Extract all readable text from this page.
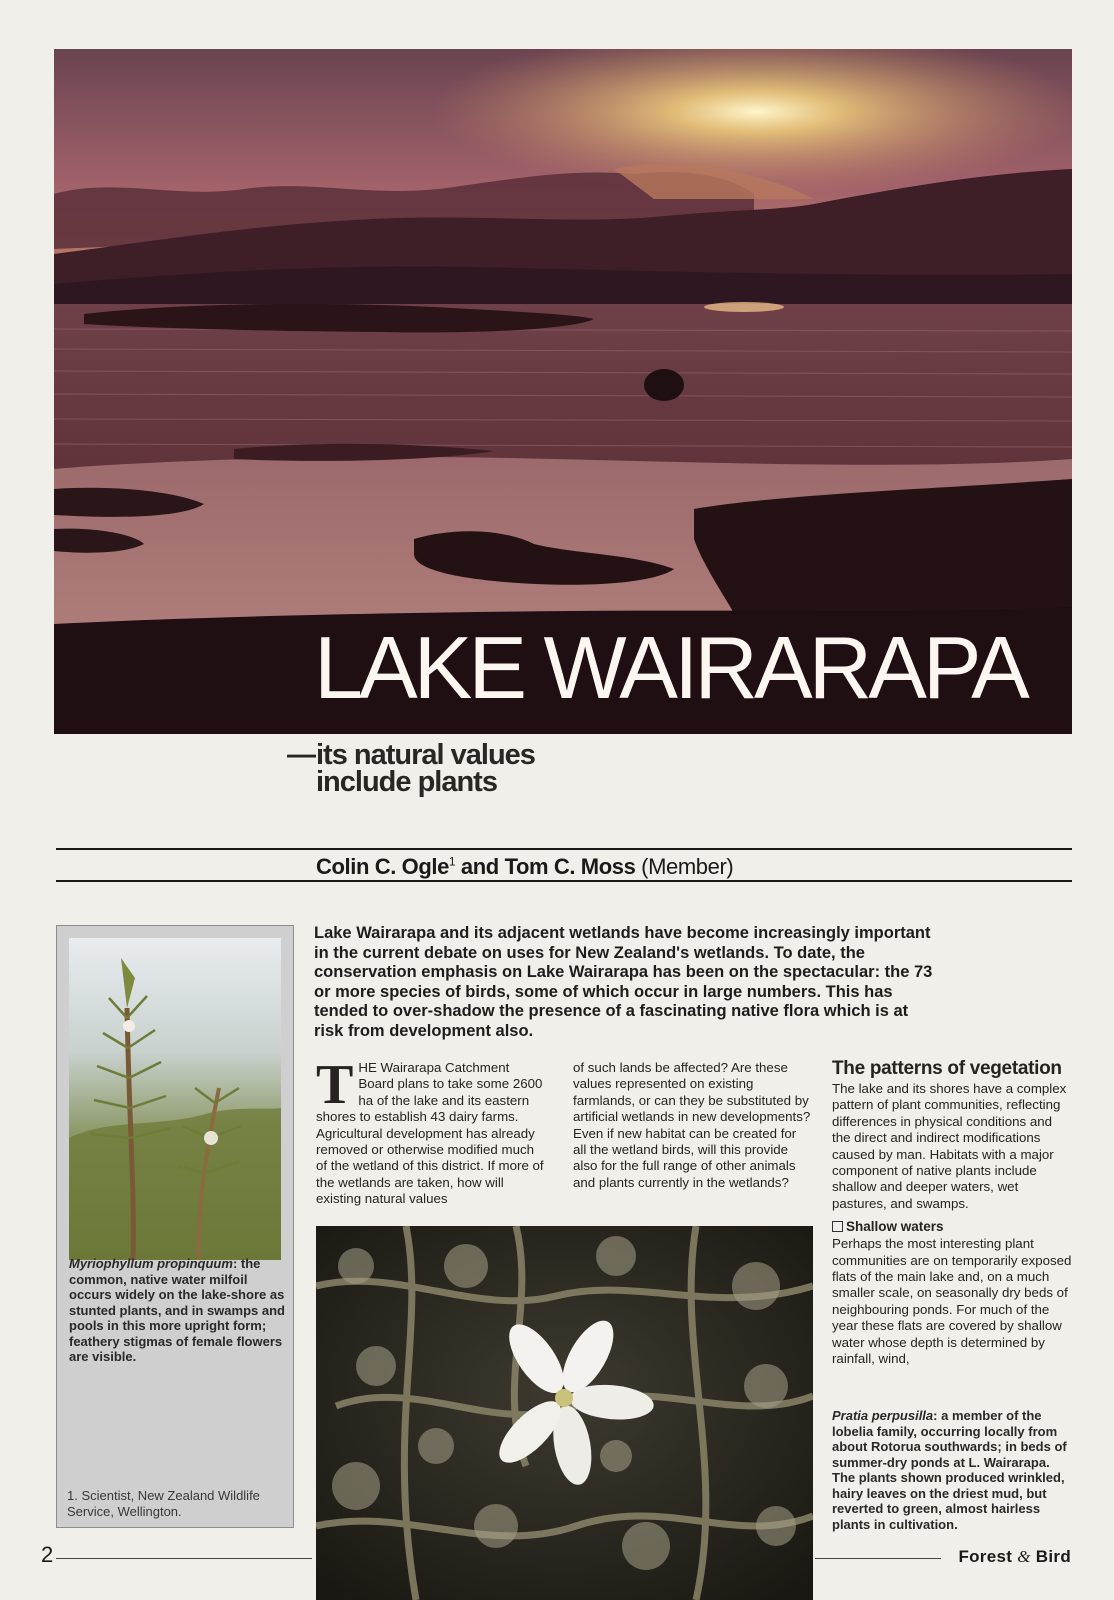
LAKE WAIRARAPA
— its natural values include plants
Colin C. Ogle$^1$ and Tom C. Moss (Member)
Myriophyllum propinquum: the common, native water milfoil occurs widely on the lake-shore as stunted plants, and in swamps and pools in this more upright form; feathery stigmas of female flowers are visible.
1. Scientist, New Zealand Wildlife Service, Wellington.
Lake Wairarapa and its adjacent wetlands have become increasingly important in the current debate on uses for New Zealand's wetlands. To date, the conservation emphasis on Lake Wairarapa has been on the spectacular: the 73 or more species of birds, some of which occur in large numbers. This has tended to over-shadow the presence of a fascinating native flora which is at risk from development also.
THE Wairarapa Catchment Board plans to take some 2600 ha of the lake and its eastern shores to establish 43 dairy farms. Agricultural development has already removed or otherwise modified much of the wetland of this district. If more of the wetlands are taken, how will existing natural values
of such lands be affected? Are these values represented on existing farmlands, or can they be substituted by artificial wetlands in new developments? Even if new habitat can be created for all the wetland birds, will this provide also for the full range of other animals and plants currently in the wetlands?
The patterns of vegetation
The lake and its shores have a complex pattern of plant communities, reflecting differences in physical conditions and the direct and indirect modifications caused by man. Habitats with a major component of native plants include shallow and deeper waters, wet pastures, and swamps.
Shallow waters
Perhaps the most interesting plant communities are on temporarily exposed flats of the main lake and, on a much smaller scale, on seasonally dry beds of neighbouring ponds. For much of the year these flats are covered by shallow water whose depth is determined by rainfall, wind,
Pratia perpusilla: a member of the lobelia family, occurring locally from about Rotorua southwards; in beds of summer-dry ponds at L. Wairarapa. The plants shown produced wrinkled, hairy leaves on the driest mud, but reverted to green, almost hairless plants in cultivation.
2	Forest & Bird
